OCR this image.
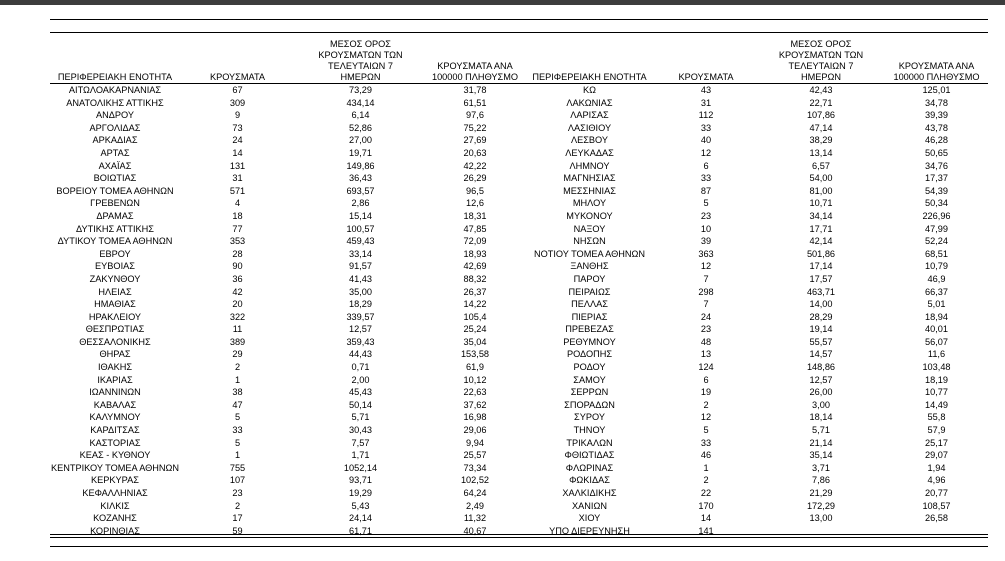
ΠΕΡΙΦΕΡΕΙΑΚΗ ΕΝΟΤΗΤΑ	ΚΡΟΥΣΜΑΤΑ	ΜΕΣΟΣ ΟΡΟΣ ΚΡΟΥΣΜΑΤΩΝ ΤΩΝ ΤΕΛΕΥΤΑΙΩΝ 7 ΗΜΕΡΩΝ	ΚΡΟΥΣΜΑΤΑ ΑΝΑ 100000 ΠΛΗΘΥΣΜΟ	ΠΕΡΙΦΕΡΕΙΑΚΗ ΕΝΟΤΗΤΑ	ΚΡΟΥΣΜΑΤΑ	ΜΕΣΟΣ ΟΡΟΣ ΚΡΟΥΣΜΑΤΩΝ ΤΩΝ ΤΕΛΕΥΤΑΙΩΝ 7 ΗΜΕΡΩΝ	ΚΡΟΥΣΜΑΤΑ ΑΝΑ 100000 ΠΛΗΘΥΣΜΟ
ΑΙΤΩΛΟΑΚΑΡΝΑΝΙΑΣ	67	73,29	31,78	ΚΩ	43	42,43	125,01
ΑΝΑΤΟΛΙΚΗΣ ΑΤΤΙΚΗΣ	309	434,14	61,51	ΛΑΚΩΝΙΑΣ	31	22,71	34,78
ΑΝΔΡΟΥ	9	6,14	97,6	ΛΑΡΙΣΑΣ	112	107,86	39,39
ΑΡΓΟΛΙΔΑΣ	73	52,86	75,22	ΛΑΣΙΘΙΟΥ	33	47,14	43,78
ΑΡΚΑΔΙΑΣ	24	27,00	27,69	ΛΕΣΒΟΥ	40	38,29	46,28
ΑΡΤΑΣ	14	19,71	20,63	ΛΕΥΚΑΔΑΣ	12	13,14	50,65
ΑΧΑΪΑΣ	131	149,86	42,22	ΛΗΜΝΟΥ	6	6,57	34,76
ΒΟΙΩΤΙΑΣ	31	36,43	26,29	ΜΑΓΝΗΣΙΑΣ	33	54,00	17,37
ΒΟΡΕΙΟΥ ΤΟΜΕΑ ΑΘΗΝΩΝ	571	693,57	96,5	ΜΕΣΣΗΝΙΑΣ	87	81,00	54,39
ΓΡΕΒΕΝΩΝ	4	2,86	12,6	ΜΗΛΟΥ	5	10,71	50,34
ΔΡΑΜΑΣ	18	15,14	18,31	ΜΥΚΟΝΟΥ	23	34,14	226,96
ΔΥΤΙΚΗΣ ΑΤΤΙΚΗΣ	77	100,57	47,85	ΝΑΞΟΥ	10	17,71	47,99
ΔΥΤΙΚΟΥ ΤΟΜΕΑ ΑΘΗΝΩΝ	353	459,43	72,09	ΝΗΣΩΝ	39	42,14	52,24
ΕΒΡΟΥ	28	33,14	18,93	ΝΟΤΙΟΥ ΤΟΜΕΑ ΑΘΗΝΩΝ	363	501,86	68,51
ΕΥΒΟΙΑΣ	90	91,57	42,69	ΞΑΝΘΗΣ	12	17,14	10,79
ΖΑΚΥΝΘΟΥ	36	41,43	88,32	ΠΑΡΟΥ	7	17,57	46,9
ΗΛΕΙΑΣ	42	35,00	26,37	ΠΕΙΡΑΙΩΣ	298	463,71	66,37
ΗΜΑΘΙΑΣ	20	18,29	14,22	ΠΕΛΛΑΣ	7	14,00	5,01
ΗΡΑΚΛΕΙΟΥ	322	339,57	105,4	ΠΙΕΡΙΑΣ	24	28,29	18,94
ΘΕΣΠΡΩΤΙΑΣ	11	12,57	25,24	ΠΡΕΒΕΖΑΣ	23	19,14	40,01
ΘΕΣΣΑΛΟΝΙΚΗΣ	389	359,43	35,04	ΡΕΘΥΜΝΟΥ	48	55,57	56,07
ΘΗΡΑΣ	29	44,43	153,58	ΡΟΔΟΠΗΣ	13	14,57	11,6
ΙΘΑΚΗΣ	2	0,71	61,9	ΡΟΔΟΥ	124	148,86	103,48
ΙΚΑΡΙΑΣ	1	2,00	10,12	ΣΑΜΟΥ	6	12,57	18,19
ΙΩΑΝΝΙΝΩΝ	38	45,43	22,63	ΣΕΡΡΩΝ	19	26,00	10,77
ΚΑΒΑΛΑΣ	47	50,14	37,62	ΣΠΟΡΑΔΩΝ	2	3,00	14,49
ΚΑΛΥΜΝΟΥ	5	5,71	16,98	ΣΥΡΟΥ	12	18,14	55,8
ΚΑΡΔΙΤΣΑΣ	33	30,43	29,06	ΤΗΝΟΥ	5	5,71	57,9
ΚΑΣΤΟΡΙΑΣ	5	7,57	9,94	ΤΡΙΚΑΛΩΝ	33	21,14	25,17
ΚΕΑΣ - ΚΥΘΝΟΥ	1	1,71	25,57	ΦΘΙΩΤΙΔΑΣ	46	35,14	29,07
ΚΕΝΤΡΙΚΟΥ ΤΟΜΕΑ ΑΘΗΝΩΝ	755	1052,14	73,34	ΦΛΩΡΙΝΑΣ	1	3,71	1,94
ΚΕΡΚΥΡΑΣ	107	93,71	102,52	ΦΩΚΙΔΑΣ	2	7,86	4,96
ΚΕΦΑΛΛΗΝΙΑΣ	23	19,29	64,24	ΧΑΛΚΙΔΙΚΗΣ	22	21,29	20,77
ΚΙΛΚΙΣ	2	5,43	2,49	ΧΑΝΙΩΝ	170	172,29	108,57
ΚΟΖΑΝΗΣ	17	24,14	11,32	ΧΙΟΥ	14	13,00	26,58
ΚΟΡΙΝΘΙΑΣ	59	61,71	40,67	ΥΠΟ ΔΙΕΡΕΥΝΗΣΗ	141		
